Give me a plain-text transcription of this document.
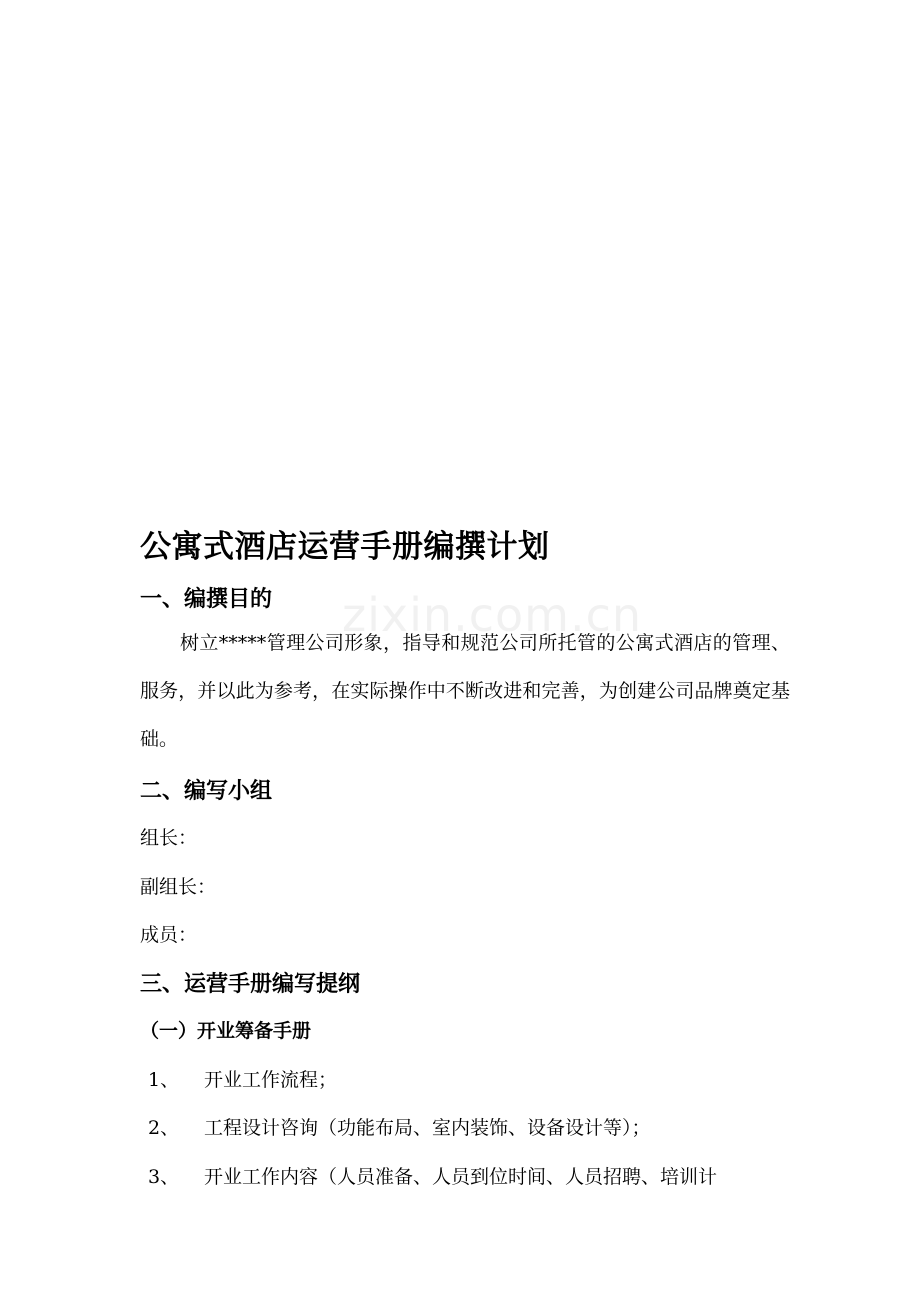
zixin.com.cn
公寓式酒店运营手册编撰计划
一、编撰目的

树立*****管理公司形象，指导和规范公司所托管的公寓式酒店的管理、服务，并以此为参考，在实际操作中不断改进和完善，为创建公司品牌奠定基础。

二、编写小组
组长：
副组长：
成员：
三、运营手册编写提纲
（一）开业筹备手册
1、 开业工作流程；
2、 工程设计咨询（功能布局、室内装饰、设备设计等）；
3、 开业工作内容（人员准备、人员到位时间、人员招聘、培训计
